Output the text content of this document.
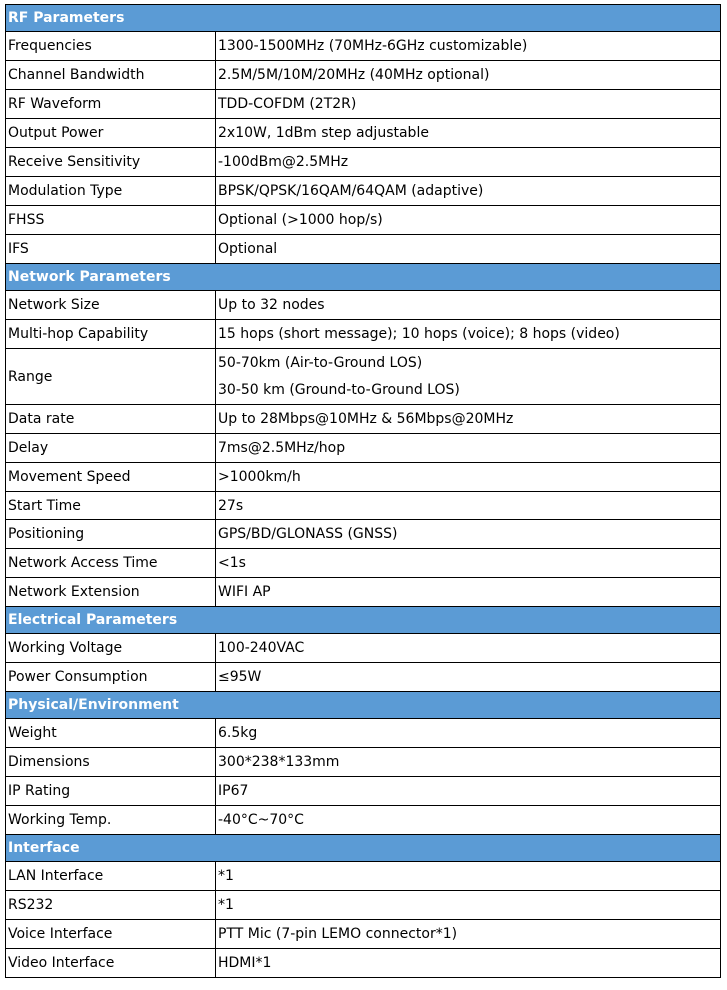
RF Parameters	
Frequencies	1300-1500MHz (70MHz-6GHz customizable)
Channel Bandwidth	2.5M/5M/10M/20MHz (40MHz optional)
RF Waveform	TDD-COFDM (2T2R)
Output Power	2x10W, 1dBm step adjustable
Receive Sensitivity	-100dBm@2.5MHz
Modulation Type	BPSK/QPSK/16QAM/64QAM (adaptive)
FHSS	Optional (>1000 hop/s)
IFS	Optional
Network Parameters	
Network Size	Up to 32 nodes
Multi-hop Capability	15 hops (short message); 10 hops (voice); 8 hops (video)
Range	50-70km (Air-to-Ground LOS)
30-50 km (Ground-to-Ground LOS)

Data rate	Up to 28Mbps@10MHz & 56Mbps@20MHz
Delay	7ms@2.5MHz/hop
Movement Speed	>1000km/h
Start Time	27s
Positioning	GPS/BD/GLONASS (GNSS)
Network Access Time	<1s
Network Extension	WIFI AP
Electrical Parameters	
Working Voltage	100-240VAC
Power Consumption	≤95W
Physical/Environment	
Weight	6.5kg
Dimensions	300*238*133mm
IP Rating	IP67
Working Temp.	-40°C~70°C
Interface	
LAN Interface	*1
RS232	*1
Voice Interface	PTT Mic (7-pin LEMO connector*1)
Video Interface	HDMI*1
